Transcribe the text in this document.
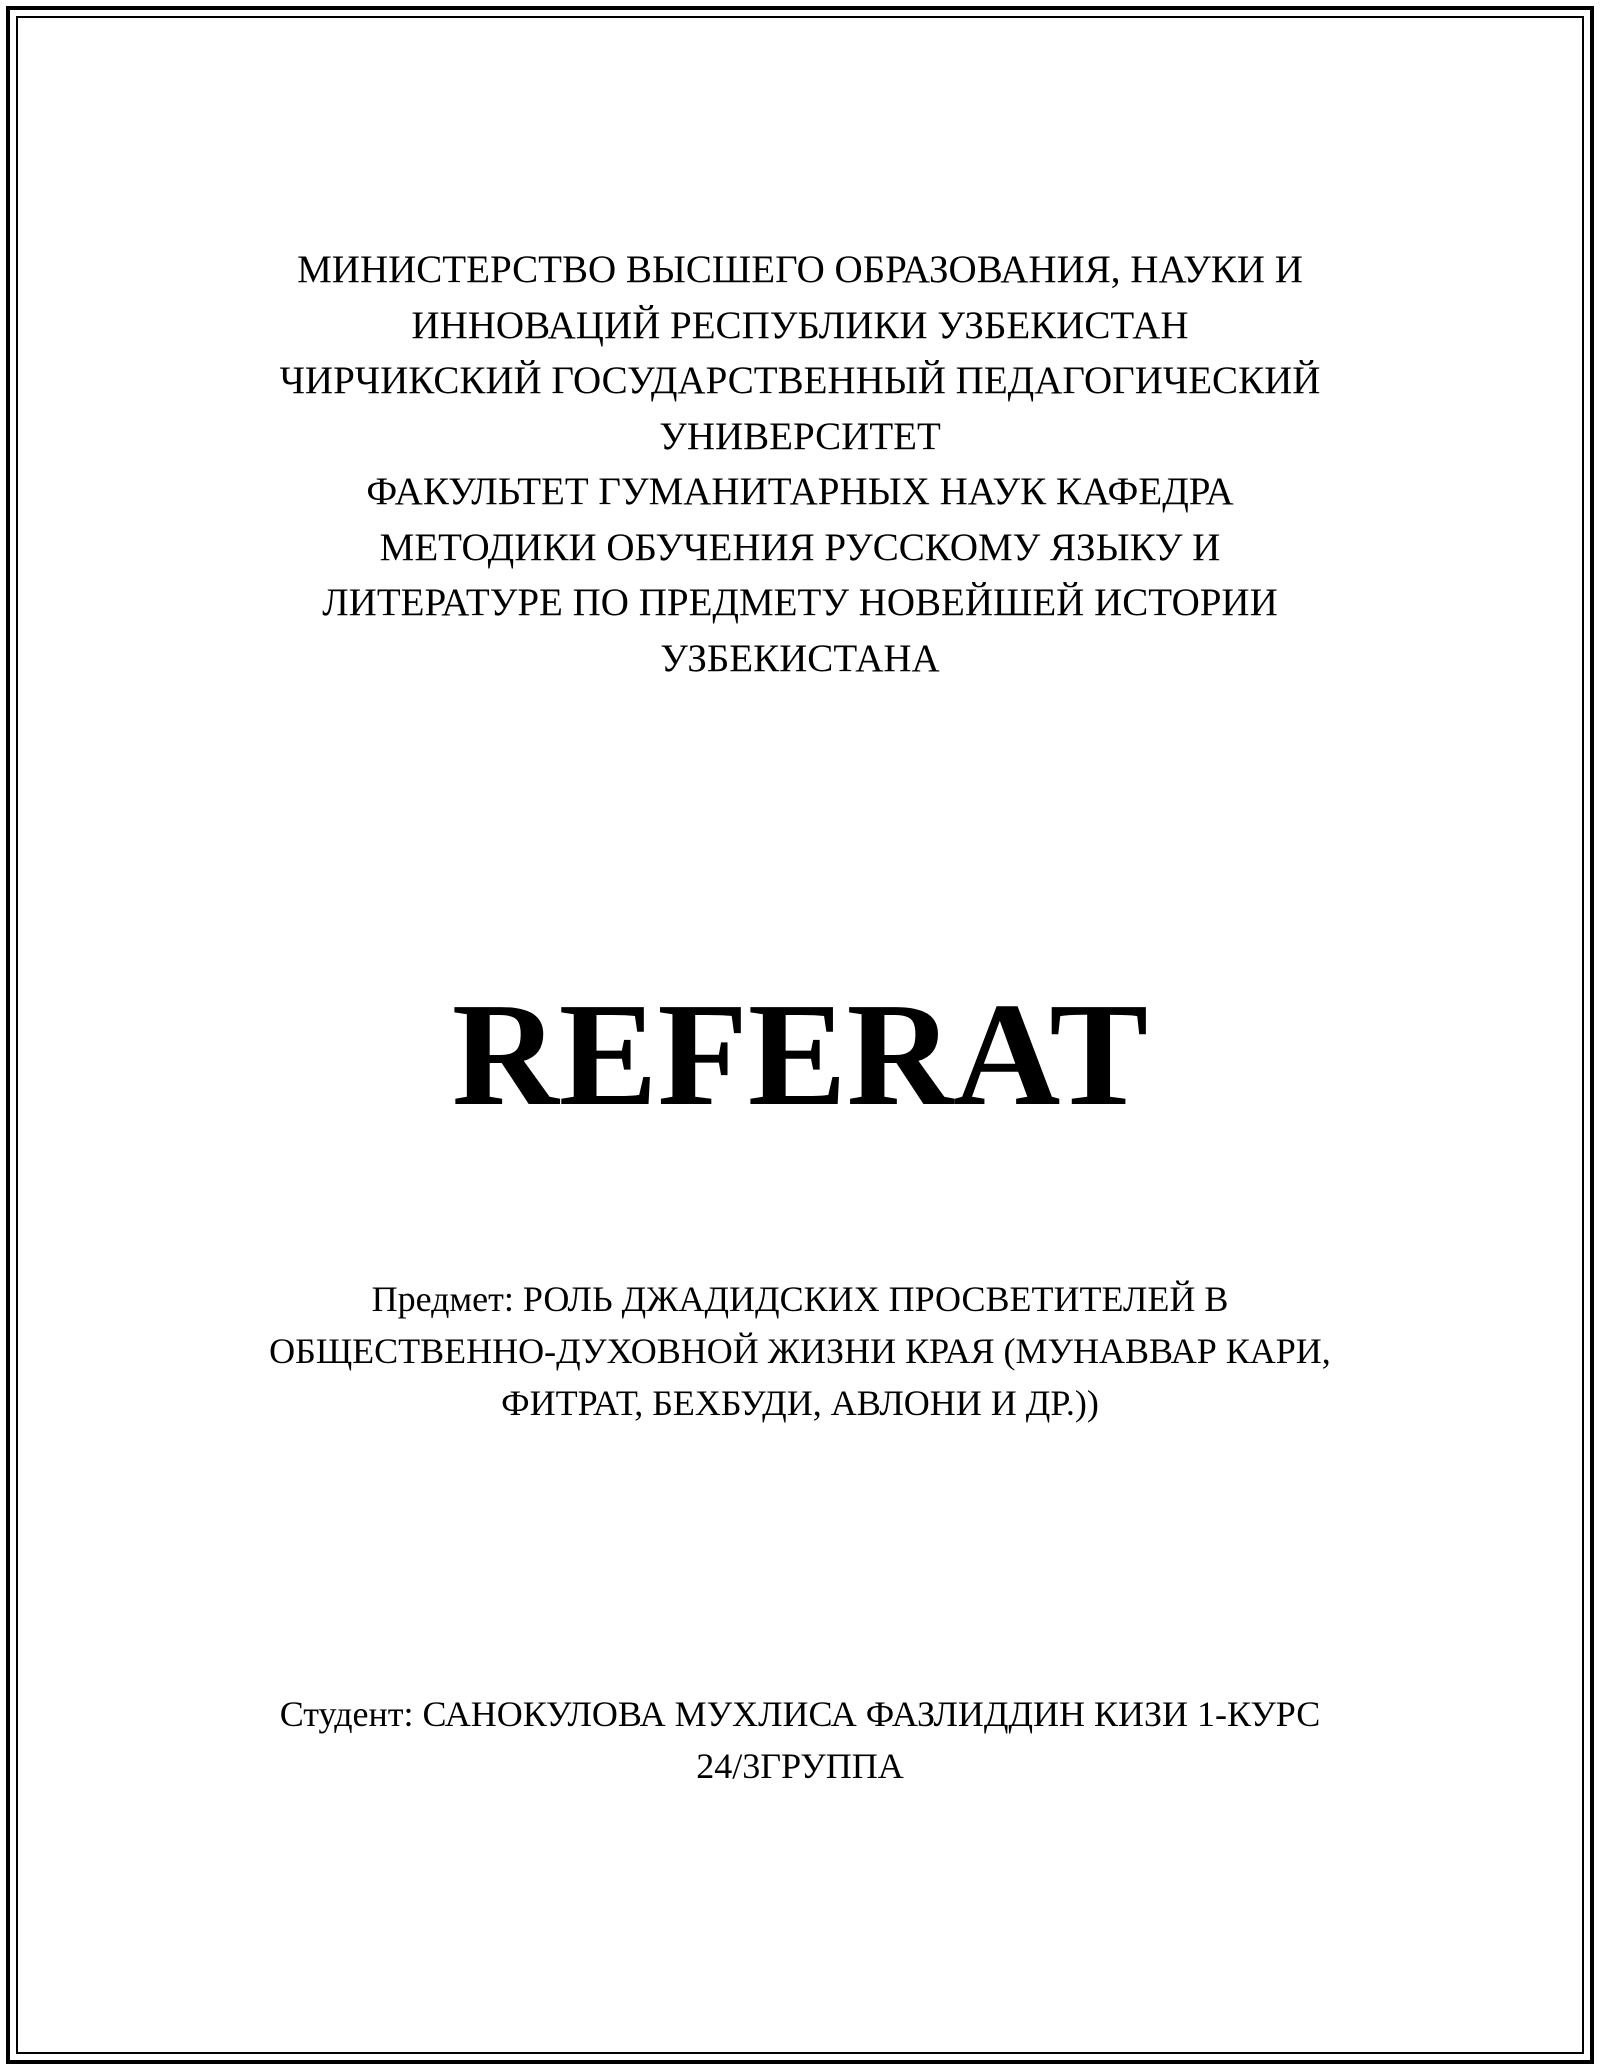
МИНИСТЕРСТВО ВЫСШЕГО ОБРАЗОВАНИЯ, НАУКИ И
ИННОВАЦИЙ РЕСПУБЛИКИ УЗБЕКИСТАН
ЧИРЧИКСКИЙ ГОСУДАРСТВЕННЫЙ ПЕДАГОГИЧЕСКИЙ
УНИВЕРСИТЕТ
ФАКУЛЬТЕТ ГУМАНИТАРНЫХ НАУК КАФЕДРА
МЕТОДИКИ ОБУЧЕНИЯ РУССКОМУ ЯЗЫКУ И
ЛИТЕРАТУРЕ ПО ПРЕДМЕТУ НОВЕЙШЕЙ ИСТОРИИ
УЗБЕКИСТАНА
REFERAT
Предмет: РОЛЬ ДЖАДИДСКИХ ПРОСВЕТИТЕЛЕЙ В
ОБЩЕСТВЕННО-ДУХОВНОЙ ЖИЗНИ КРАЯ (МУНАВВАР КАРИ,
ФИТРАТ, БЕХБУДИ, АВЛОНИ И ДР.))
Студент: САНОКУЛОВА МУХЛИСА ФАЗЛИДДИН КИЗИ 1-КУРС
24/3ГРУППА
